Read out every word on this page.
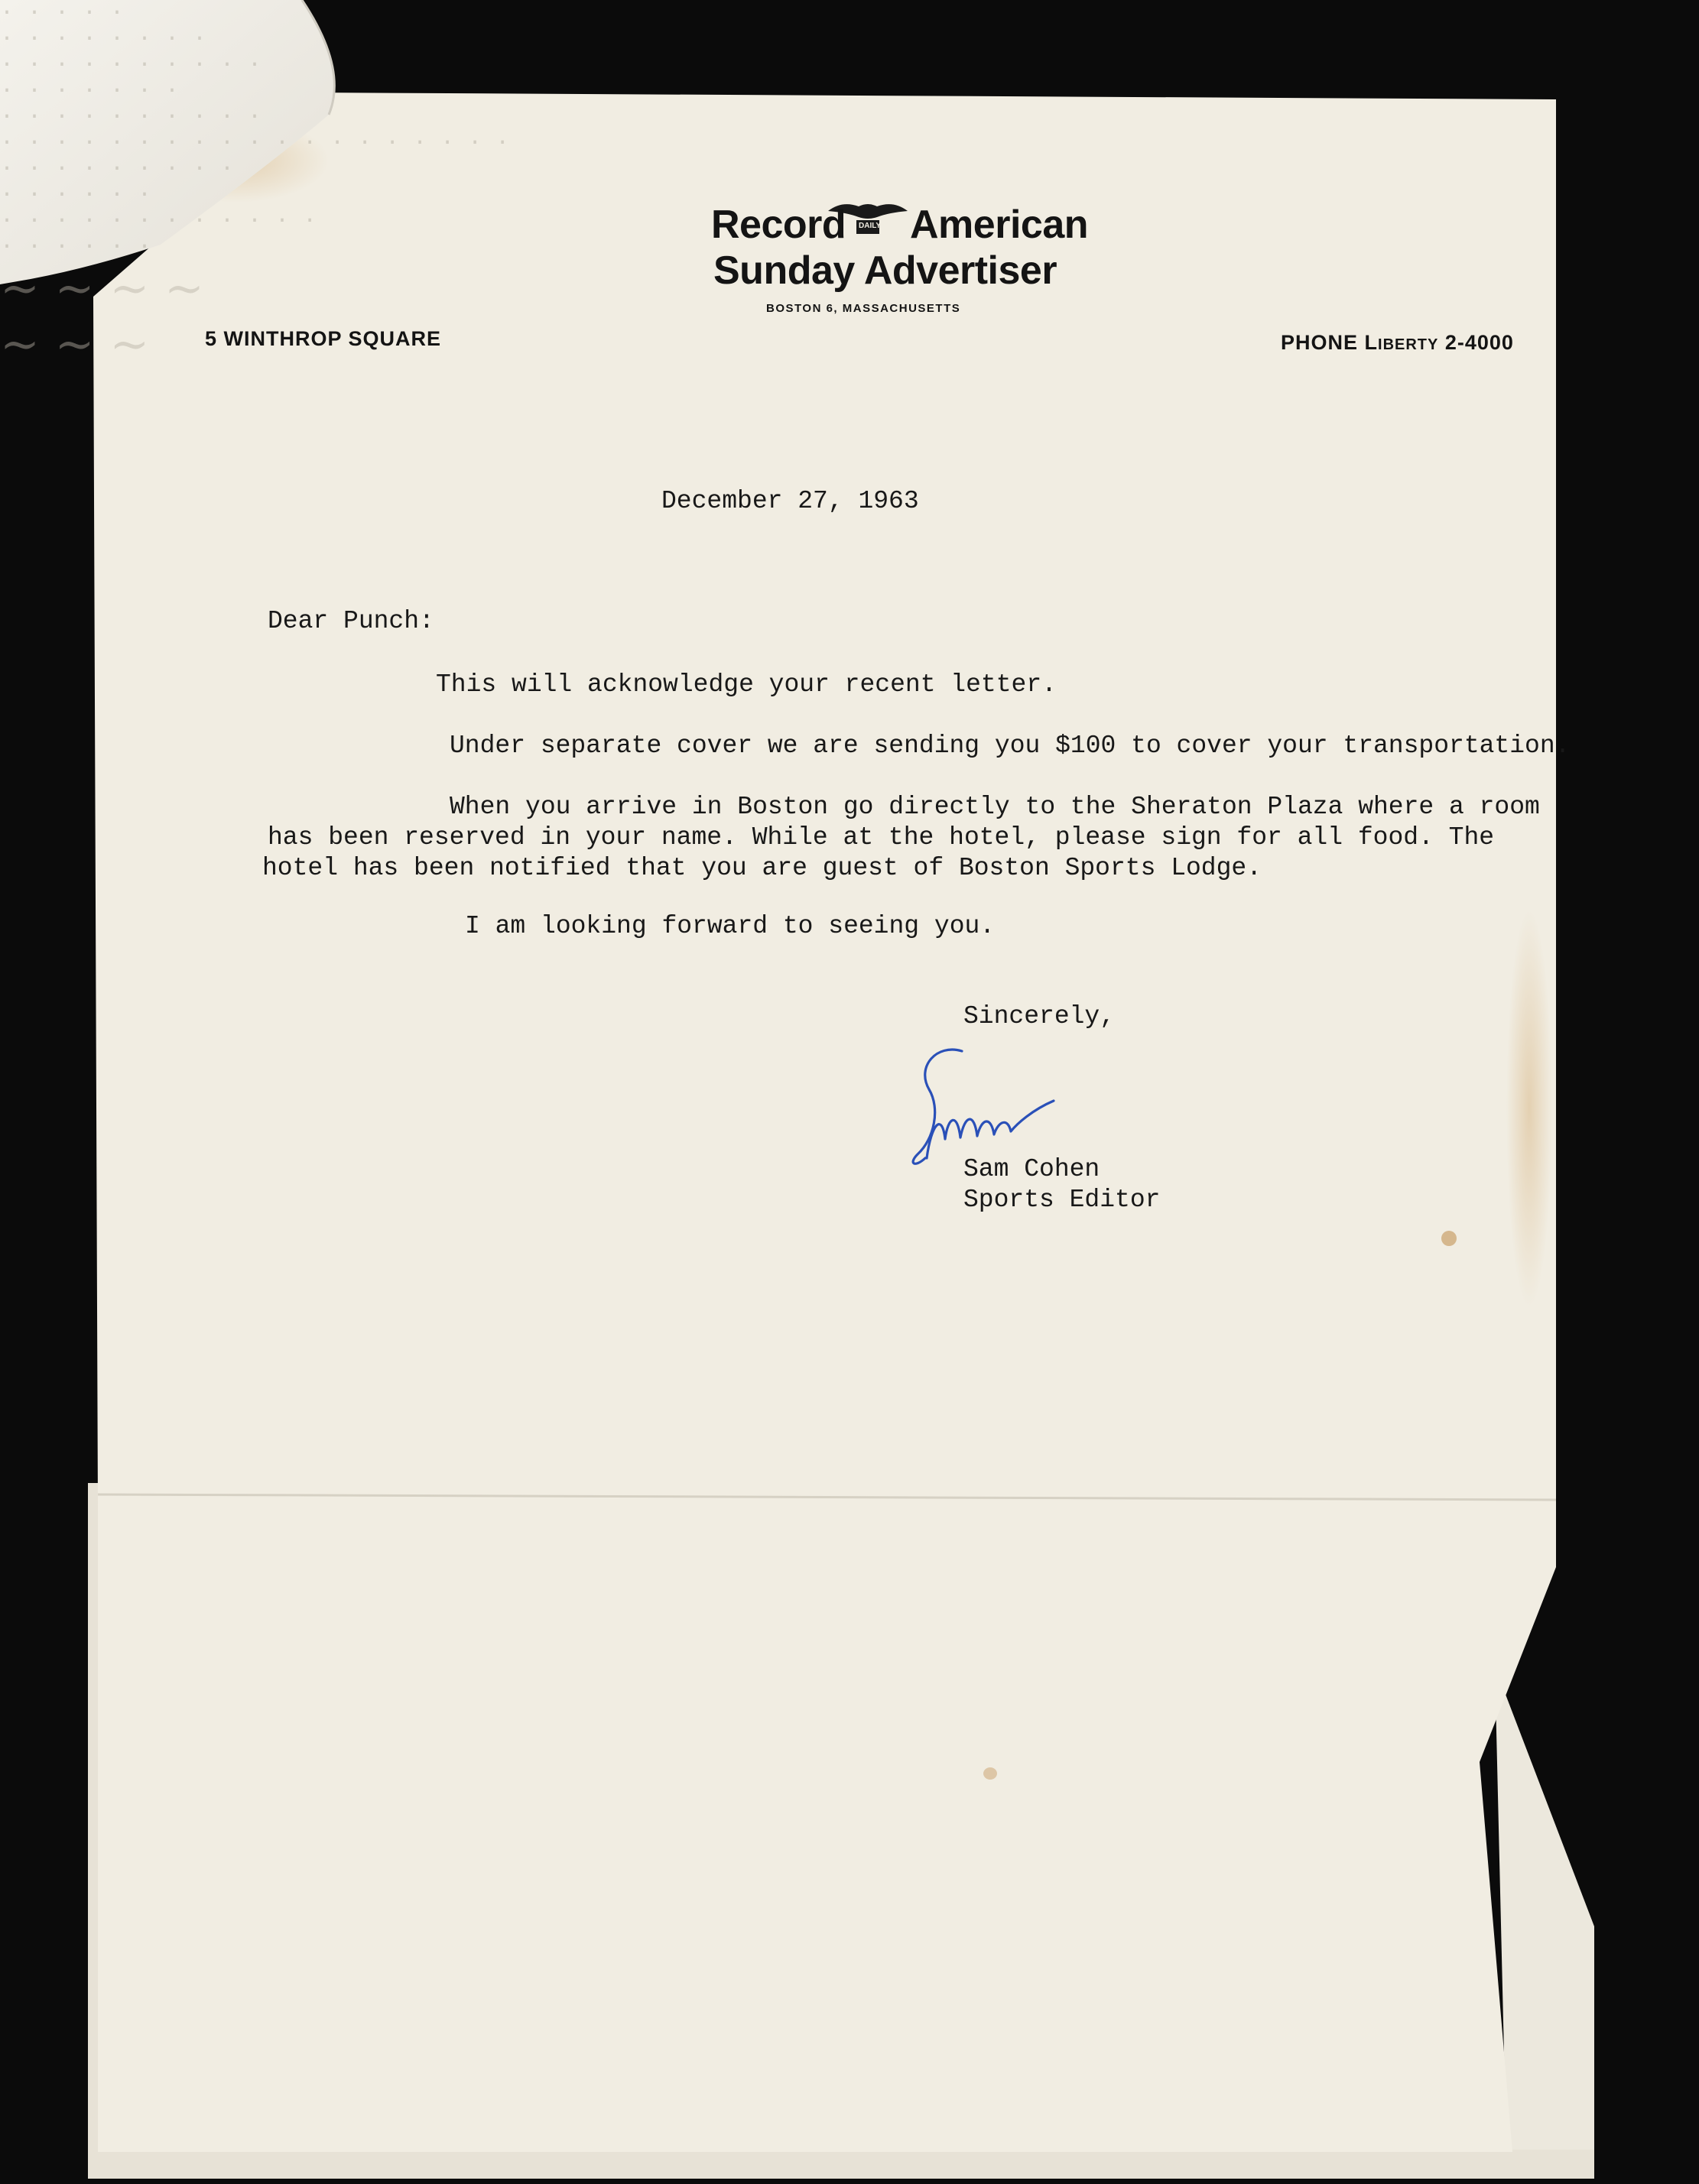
· · · · ·
· · · · · · · ·
· · · · · · · · · ·
· · · · · · ·
· · · · · · · · · ·
· · · · · · · · · · · · · · · · · · ·
· · · · · · · · ·
· · · · · ·
· · · · · · · · · · · ·
· · · · · ·
~ ~ ~ ~
~ ~ ~
Record DAILY American
Sunday Advertiser
BOSTON 6, MASSACHUSETTS
5 WINTHROP SQUARE	PHONE LIBERTY 2-4000
December 27, 1963
Dear Punch:
This will acknowledge your recent letter.
Under separate cover we are sending you $100 to cover your transportation.
When you arrive in Boston go directly to the Sheraton Plaza where a room
has been reserved in your name. While at the hotel, please sign for all food. The
hotel has been notified that you are guest of Boston Sports Lodge.
I am looking forward to seeing you.
Sincerely,
Sam Cohen
Sports Editor
